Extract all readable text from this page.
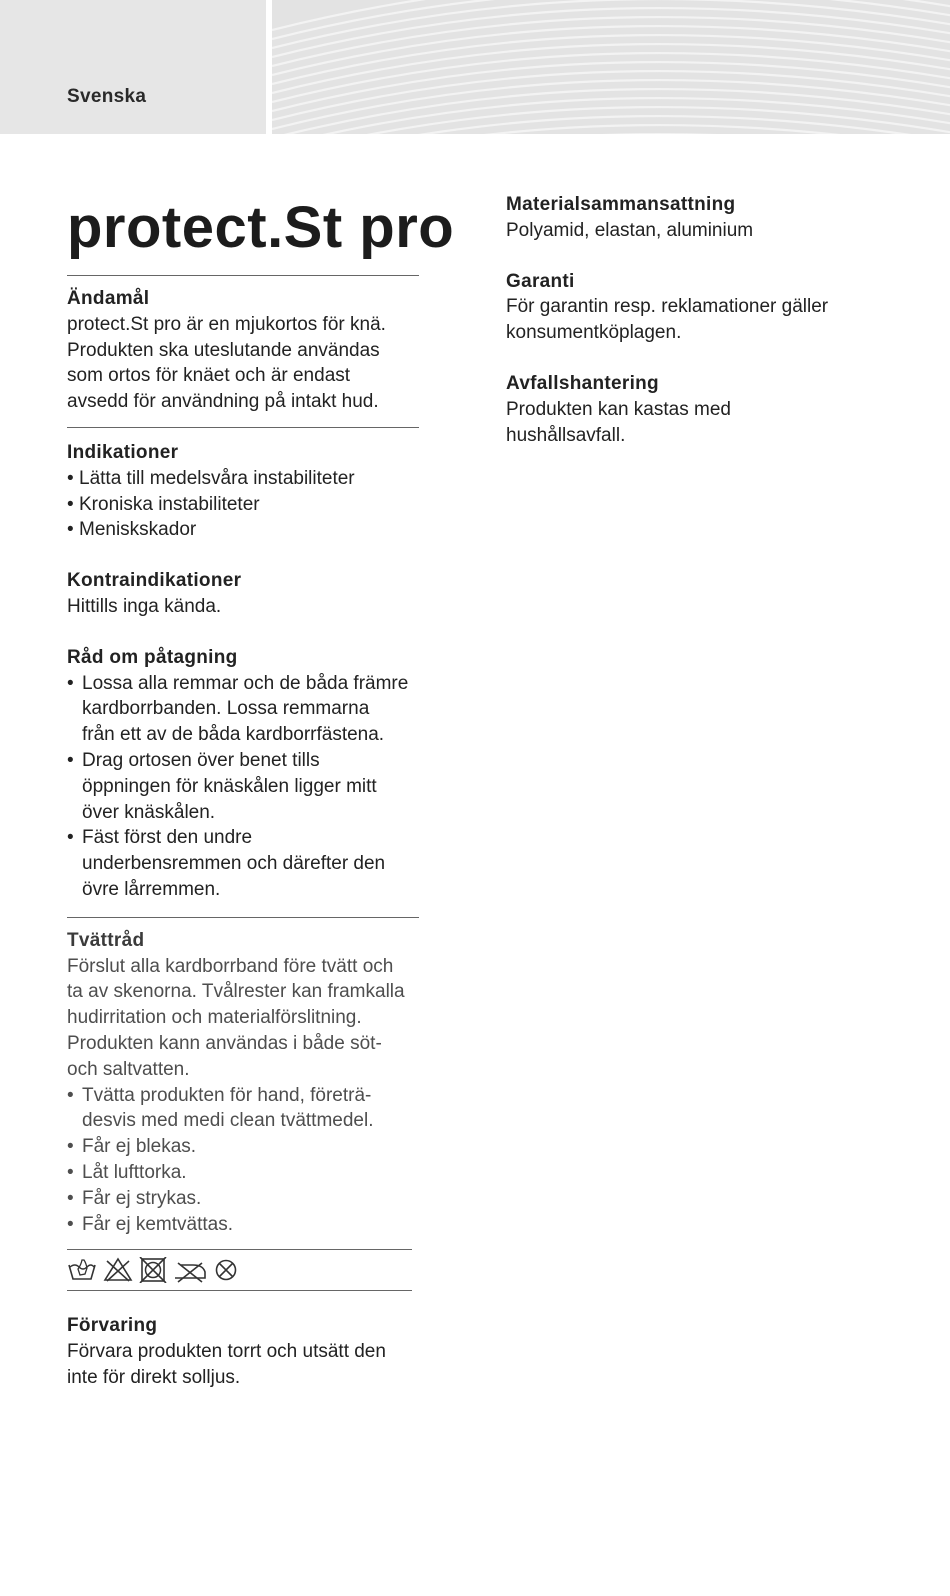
Svenska
protect.St pro
Ändamål
protect.St pro är en mjukortos för knä.
Produkten ska uteslutande användas
som ortos för knäet och är endast
avsedd för användning på intakt hud.
Indikationer
• Lätta till medelsvåra instabiliteter
• Kroniska instabiliteter
• Meniskskador
Kontraindikationer
Hittills inga kända.
Råd om påtagning
• Lossa alla remmar och de båda främre
kardborrbanden. Lossa remmarna
från ett av de båda kardborrfästena.
• Drag ortosen över benet tills
öppningen för knäskålen ligger mitt
över knäskålen.
• Fäst först den undre
underbensremmen och därefter den
övre lårremmen.
Tvättråd
Förslut alla kardborrband före tvätt och
ta av skenorna. Tvålrester kan framkalla
hudirritation och materialförslitning.
Produkten kann användas i både söt-
och saltvatten.
• Tvätta produkten för hand, företrä-
desvis med medi clean tvättmedel.
• Får ej blekas.
• Låt lufttorka.
• Får ej strykas.
• Får ej kemtvättas.
Förvaring
Förvara produkten torrt och utsätt den
inte för direkt solljus.
Materialsammansattning
Polyamid, elastan, aluminium
Garanti
För garantin resp. reklamationer gäller
konsumentköplagen.
Avfallshantering
Produkten kan kastas med
hushållsavfall.
